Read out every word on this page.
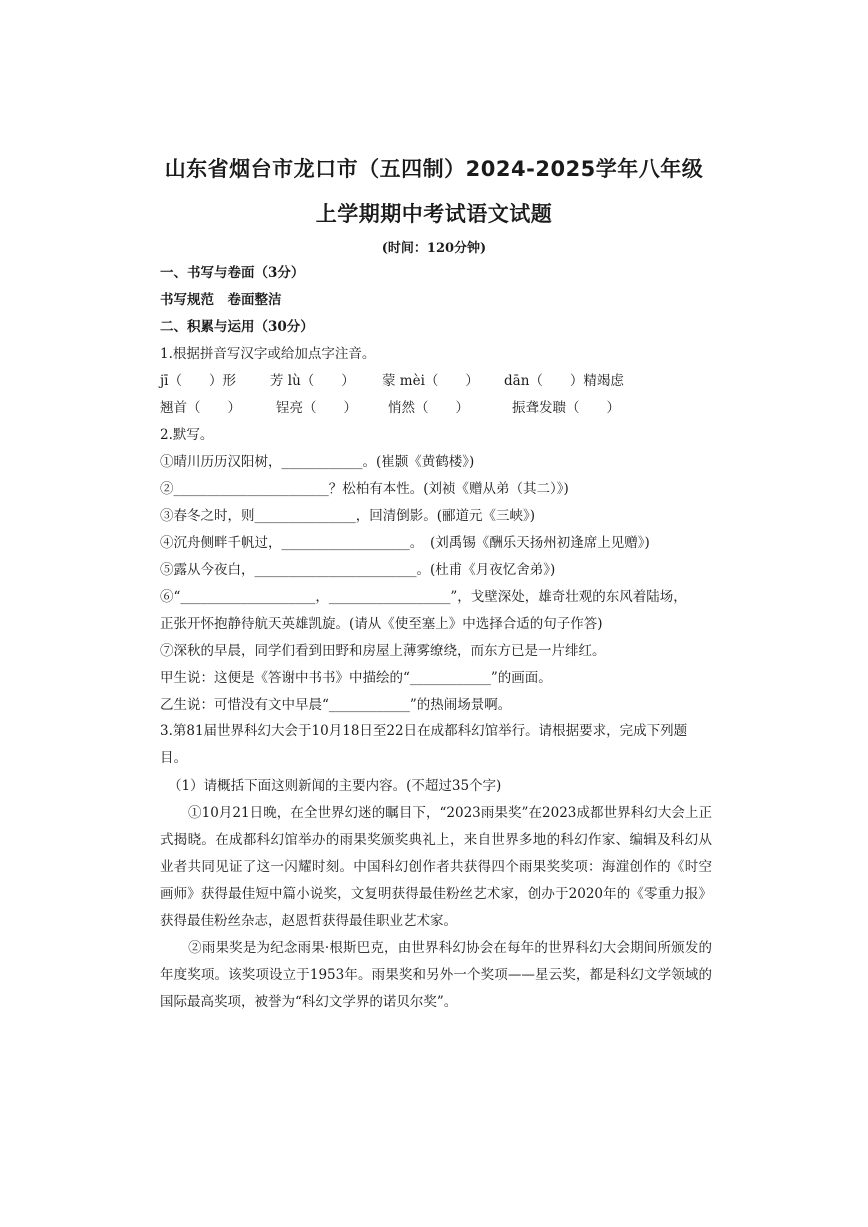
山东省烟台市龙口市（五四制）2024-2025学年八年级
上学期期中考试语文试题
(时间：120分钟)
一、书写与卷面（3分）
书写规范　卷面整洁
二、积累与运用（30分）
1.根据拼音写汉字或给加点字注音。
jī（　　）形	芳 lù（　　） 蒙 mèi（　　） dān（　　）精竭虑
翘首（　　）	锃亮（　　） 悄然（　　）	振聋发聩（　　）
2.默写。
①晴川历历汉阳树，____________。(崔颢《黄鹤楼》)
②_______________________？松柏有本性。(刘祯《赠从弟（其二）》)
③春冬之时，则_______________，回清倒影。(郦道元《三峡》)
④沉舟侧畔千帆过，___________________。　(刘禹锡《酬乐天扬州初逢席上见赠》)
⑤露从今夜白，________________________。(杜甫《月夜忆舍弟》)
⑥“____________________，__________________”，戈壁深处，雄奇壮观的东风着陆场，
正张开怀抱静待航天英雄凯旋。(请从《使至塞上》中选择合适的句子作答)
⑦深秋的早晨，同学们看到田野和房屋上薄雾缭绕，而东方已是一片绯红。
甲生说：这便是《答谢中书书》中描绘的“____________”的画面。
乙生说：可惜没有文中早晨“____________”的热闹场景啊。
3.第81届世界科幻大会于10月18日至22日在成都科幻馆举行。请根据要求，完成下列题目。
（1）请概括下面这则新闻的主要内容。(不超过35个字)
①10月21日晚，在全世界幻迷的瞩目下，“2023雨果奖”在2023成都世界科幻大会上正式揭晓。在成都科幻馆举办的雨果奖颁奖典礼上，来自世界多地的科幻作家、编辑及科幻从业者共同见证了这一闪耀时刻。中国科幻创作者共获得四个雨果奖奖项：海漄创作的《时空画师》获得最佳短中篇小说奖，文复明获得最佳粉丝艺术家，创办于2020年的《零重力报》获得最佳粉丝杂志，赵恩哲获得最佳职业艺术家。
②雨果奖是为纪念雨果·根斯巴克，由世界科幻协会在每年的世界科幻大会期间所颁发的年度奖项。该奖项设立于1953年。雨果奖和另外一个奖项——星云奖，都是科幻文学领域的国际最高奖项，被誉为“科幻文学界的诺贝尔奖”。
